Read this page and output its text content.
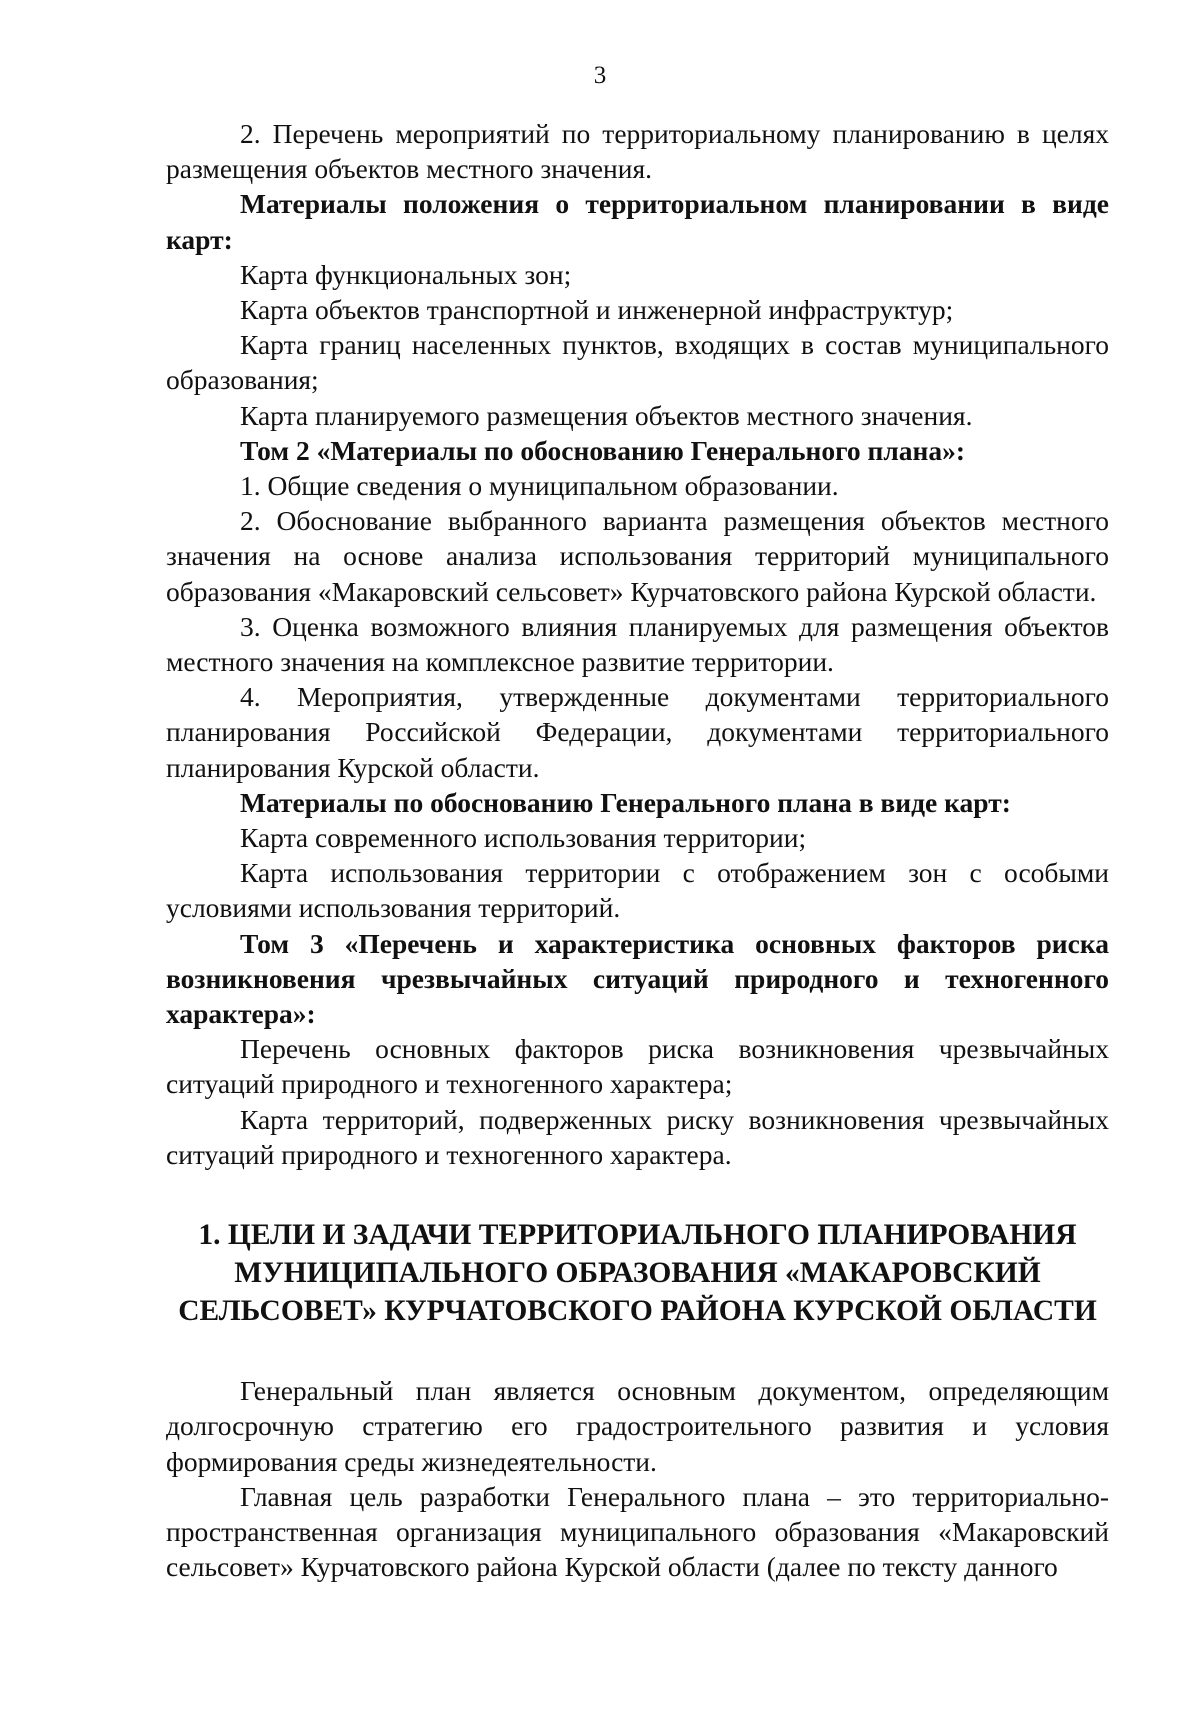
3

2. Перечень мероприятий по территориальному планированию в целях размещения объектов местного значения.

Материалы положения о территориальном планировании в виде карт:

Карта функциональных зон;

Карта объектов транспортной и инженерной инфраструктур;

Карта границ населенных пунктов, входящих в состав муниципального образования;

Карта планируемого размещения объектов местного значения.

Том 2 «Материалы по обоснованию Генерального плана»:

1. Общие сведения о муниципальном образовании.

2. Обоснование выбранного варианта размещения объектов местного значения на основе анализа использования территорий муниципального образования «Макаровский сельсовет» Курчатовского района Курской области.

3. Оценка возможного влияния планируемых для размещения объектов местного значения на комплексное развитие территории.

4. Мероприятия, утвержденные документами территориального планирования Российской Федерации, документами территориального планирования Курской области.

Материалы по обоснованию Генерального плана в виде карт:

Карта современного использования территории;

Карта использования территории с отображением зон с особыми условиями использования территорий.

Том 3 «Перечень и характеристика основных факторов риска возникновения чрезвычайных ситуаций природного и техногенного характера»:

Перечень основных факторов риска возникновения чрезвычайных ситуаций природного и техногенного характера;

Карта территорий, подверженных риску возникновения чрезвычайных ситуаций природного и техногенного характера.

1. ЦЕЛИ И ЗАДАЧИ ТЕРРИТОРИАЛЬНОГО ПЛАНИРОВАНИЯ
МУНИЦИПАЛЬНОГО ОБРАЗОВАНИЯ «МАКАРОВСКИЙ
СЕЛЬСОВЕТ» КУРЧАТОВСКОГО РАЙОНА КУРСКОЙ ОБЛАСТИ

Генеральный план является основным документом, определяющим долгосрочную стратегию его градостроительного развития и условия формирования среды жизнедеятельности.

Главная цель разработки Генерального плана – это территориально-пространственная организация муниципального образования «Макаровский сельсовет» Курчатовского района Курской области (далее по тексту данного
